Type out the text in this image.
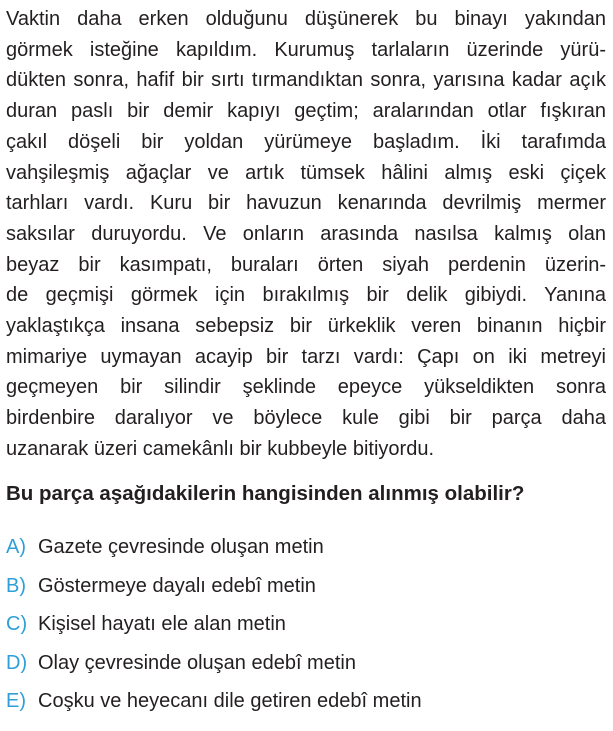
Vaktin daha erken olduğunu düşünerek bu binayı yakından
görmek isteğine kapıldım. Kurumuş tarlaların üzerinde yürü-
dükten sonra, hafif bir sırtı tırmandıktan sonra, yarısına kadar açık
duran paslı bir demir kapıyı geçtim; aralarından otlar fışkıran
çakıl döşeli bir yoldan yürümeye başladım. İki tarafımda
vahşileşmiş ağaçlar ve artık tümsek hâlini almış eski çiçek
tarhları vardı. Kuru bir havuzun kenarında devrilmiş mermer
saksılar duruyordu. Ve onların arasında nasılsa kalmış olan
beyaz bir kasımpatı, buraları örten siyah perdenin üzerin-
de geçmişi görmek için bırakılmış bir delik gibiydi. Yanına
yaklaştıkça insana sebepsiz bir ürkeklik veren binanın hiçbir
mimariye uymayan acayip bir tarzı vardı: Çapı on iki metreyi
geçmeyen bir silindir şeklinde epeyce yükseldikten sonra
birdenbire daralıyor ve böylece kule gibi bir parça daha
uzanarak üzeri camekânlı bir kubbeyle bitiyordu.

Bu parça aşağıdakilerin hangisinden alınmış olabilir?

A) Gazete çevresinde oluşan metin
B) Göstermeye dayalı edebî metin
C) Kişisel hayatı ele alan metin
D) Olay çevresinde oluşan edebî metin
E) Coşku ve heyecanı dile getiren edebî metin
